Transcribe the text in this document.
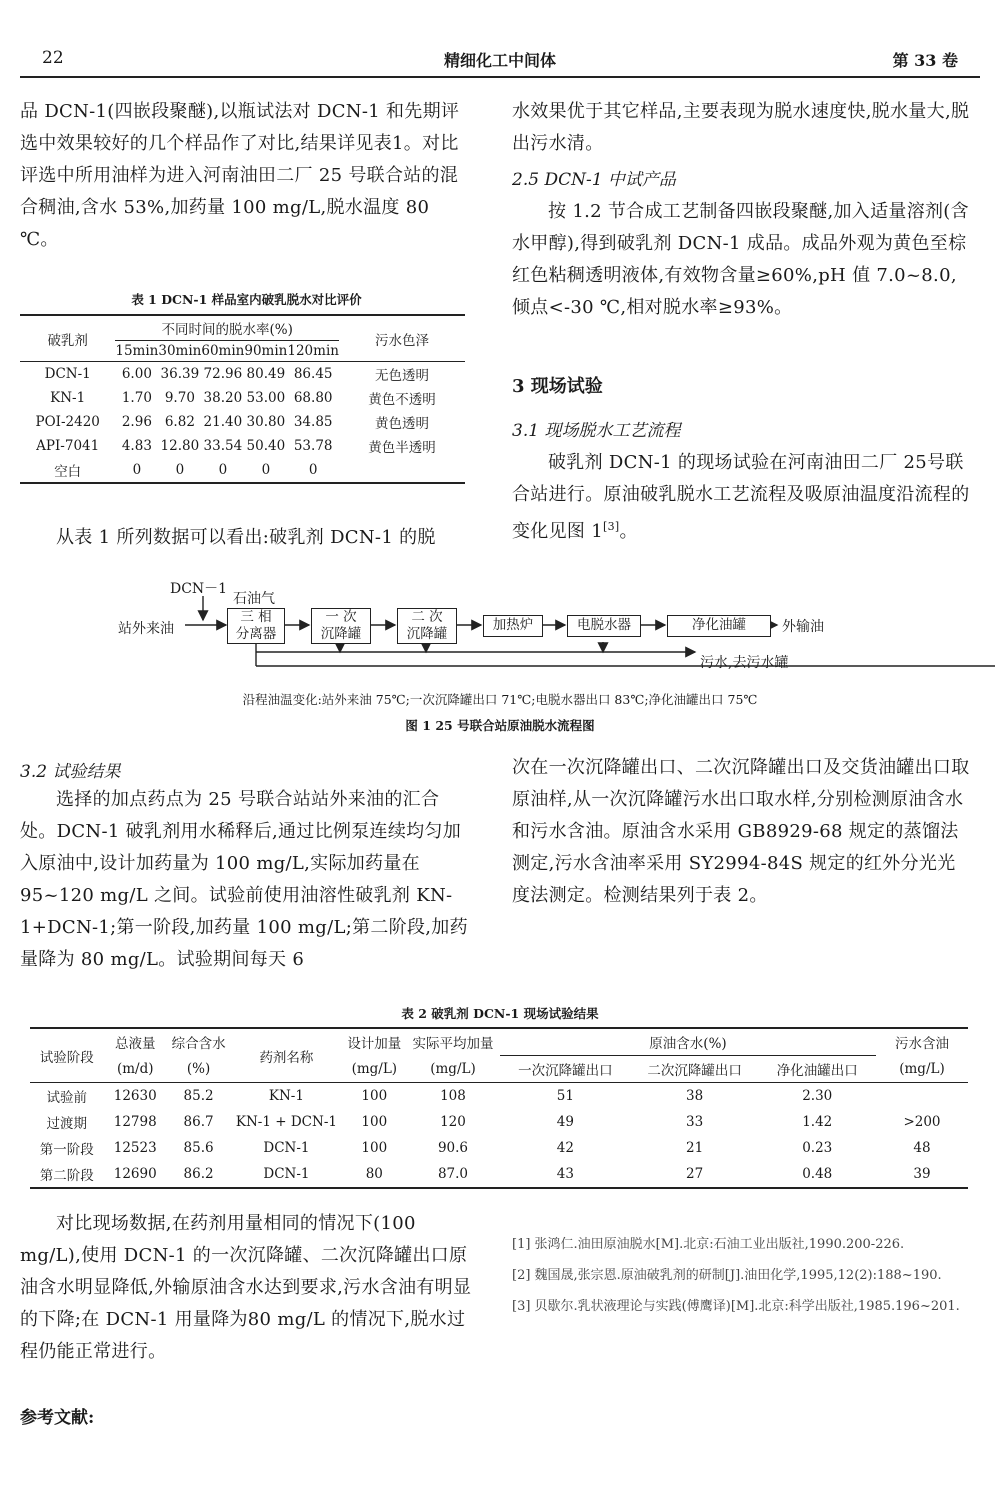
22	精细化工中间体	第 33 卷

品 DCN-1(四嵌段聚醚),以瓶试法对 DCN-1 和先期评选中效果较好的几个样品作了对比,结果详见表1。对比评选中所用油样为进入河南油田二厂 25 号联合站的混合稠油,含水 53%,加药量 100 mg/L,脱水温度 80 ℃。

表 1 DCN-1 样品室内破乳脱水对比评价
破乳剂	不同时间的脱水率(%)					污水色泽
	15min	30min	60min	90min	120min	
DCN-1	6.00	36.39	72.96	80.49	86.45	无色透明
KN-1	1.70	9.70	38.20	53.00	68.80	黄色不透明
POI-2420	2.96	6.82	21.40	30.80	34.85	黄色透明
API-7041	4.83	12.80	33.54	50.40	53.78	黄色半透明
空白	0	0	0	0	0	

从表 1 所列数据可以看出:破乳剂 DCN-1 的脱

水效果优于其它样品,主要表现为脱水速度快,脱水量大,脱出污水清。

2.5 DCN-1 中试产品

按 1.2 节合成工艺制备四嵌段聚醚,加入适量溶剂(含水甲醇),得到破乳剂 DCN-1 成品。成品外观为黄色至棕红色粘稠透明液体,有效物含量≥60%,pH 值 7.0~8.0,倾点<-30 ℃,相对脱水率≥93%。

3 现场试验
3.1 现场脱水工艺流程

破乳剂 DCN-1 的现场试验在河南油田二厂 25号联合站进行。原油破乳脱水工艺流程及吸原油温度沿流程的变化见图 1[3]。

DCN－1
石油气
站外来油	外输油
污水,去污水罐
三 相
分离器
一 次
沉降罐
二 次
沉降罐
加热炉	电脱水器	净化油罐
沿程油温变化:站外来油 75℃;一次沉降罐出口 71℃;电脱水器出口 83℃;净化油罐出口 75℃
图 1 25 号联合站原油脱水流程图
3.2 试验结果

选择的加点药点为 25 号联合站站外来油的汇合处。DCN-1 破乳剂用水稀释后,通过比例泵连续均匀加入原油中,设计加药量为 100 mg/L,实际加药量在 95~120 mg/L 之间。试验前使用油溶性破乳剂 KN-1+DCN-1;第一阶段,加药量 100 mg/L;第二阶段,加药量降为 80 mg/L。试验期间每天 6

次在一次沉降罐出口、二次沉降罐出口及交货油罐出口取原油样,从一次沉降罐污水出口取水样,分别检测原油含水和污水含油。原油含水采用 GB8929-68 规定的蒸馏法测定,污水含油率采用 SY2994-84S 规定的红外分光光度法测定。检测结果列于表 2。

表 2 破乳剂 DCN-1 现场试验结果
试验阶段	总液量	综合含水	药剂名称	设计加量	实际平均加量	原油含水(%)			污水含油
	(m/d)	(%)		(mg/L)	(mg/L)	一次沉降罐出口	二次沉降罐出口	净化油罐出口	(mg/L)
试验前	12630	85.2	KN-1	100	108	51	38	2.30	
过渡期	12798	86.7	KN-1 + DCN-1	100	120	49	33	1.42	>200
第一阶段	12523	85.6	DCN-1	100	90.6	42	21	0.23	48
第二阶段	12690	86.2	DCN-1	80	87.0	43	27	0.48	39

对比现场数据,在药剂用量相同的情况下(100 mg/L),使用 DCN-1 的一次沉降罐、二次沉降罐出口原油含水明显降低,外输原油含水达到要求,污水含油有明显的下降;在 DCN-1 用量降为80 mg/L 的情况下,脱水过程仍能正常进行。

参考文献:
[1] 张鸿仁.油田原油脱水[M].北京:石油工业出版社,1990.200-226.
[2] 魏国晟,张宗恩.原油破乳剂的研制[J].油田化学,1995,12(2):188~190.
[3] 贝歇尔.乳状液理论与实践(傅鹰译)[M].北京:科学出版社,1985.196~201.
